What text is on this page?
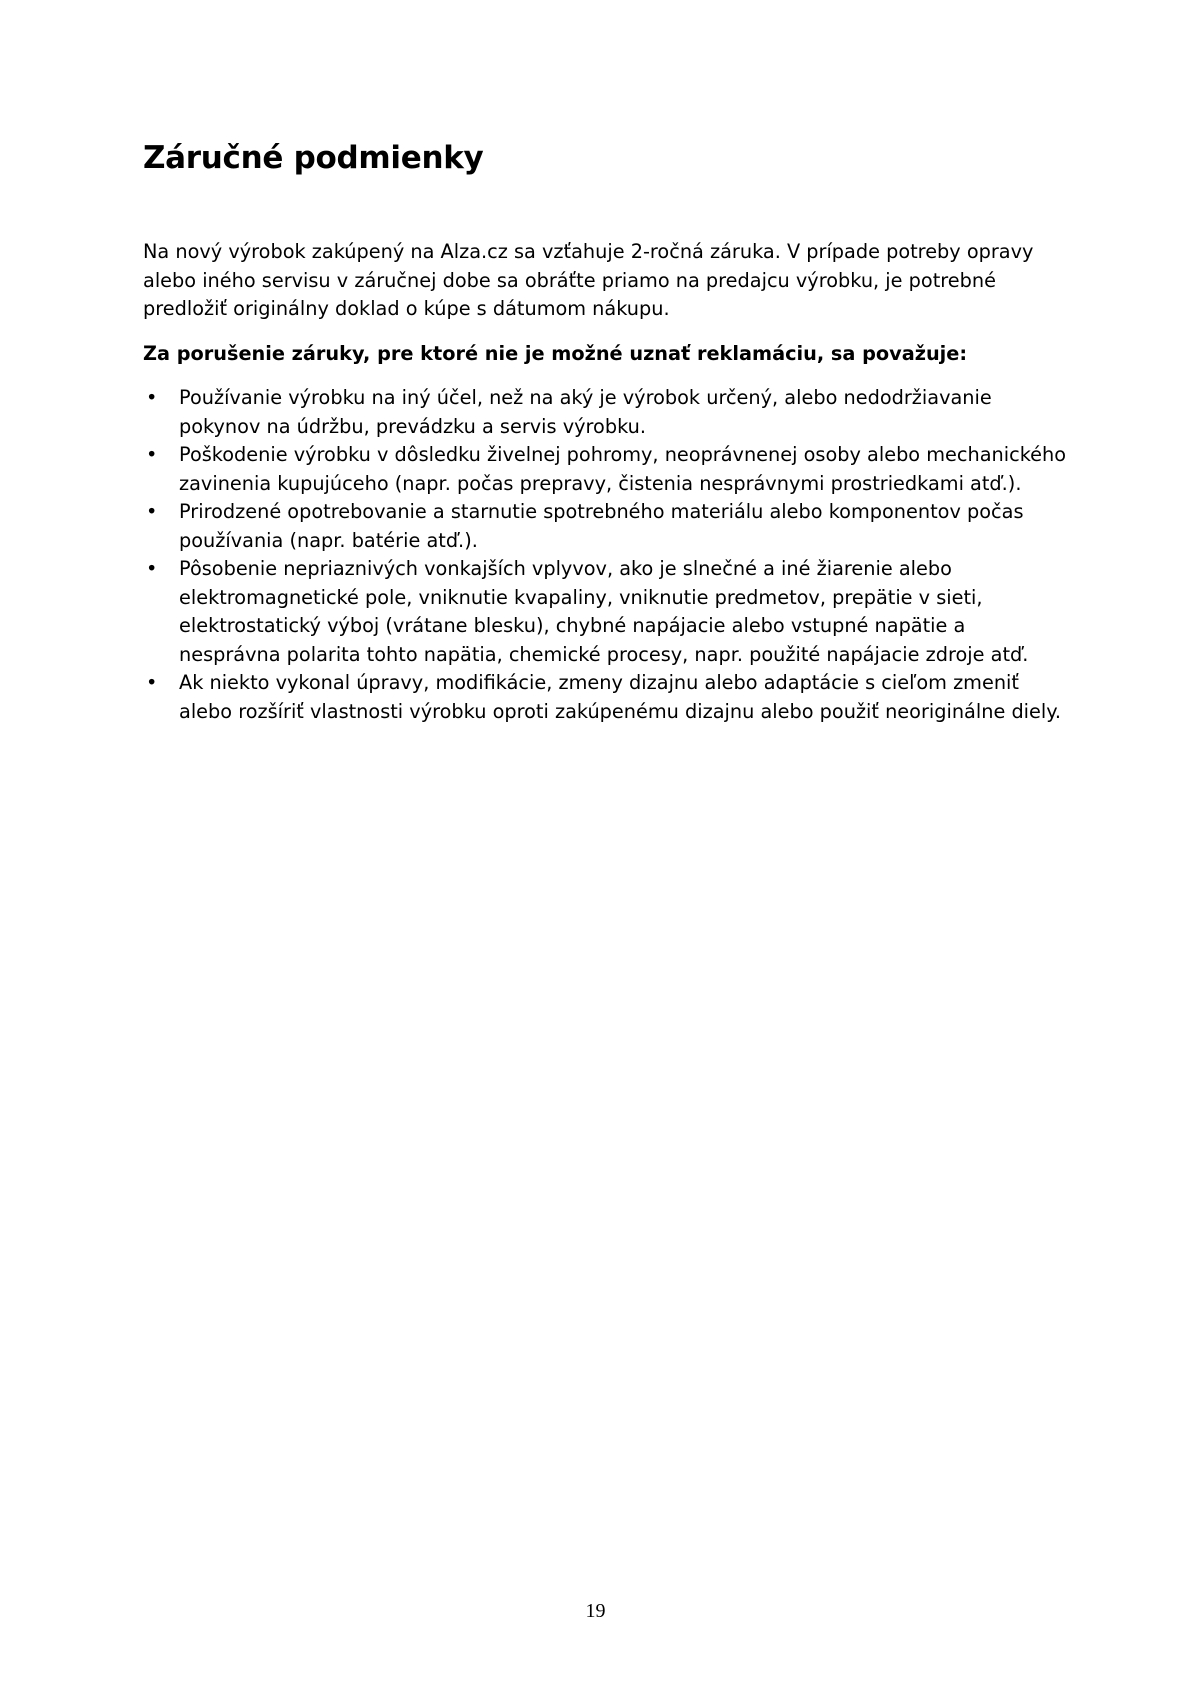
Záručné podmienky

Na nový výrobok zakúpený na Alza.cz sa vzťahuje 2-ročná záruka. V prípade potreby opravy alebo iného servisu v záručnej dobe sa obráťte priamo na predajcu výrobku, je potrebné predložiť originálny doklad o kúpe s dátumom nákupu.

Za porušenie záruky, pre ktoré nie je možné uznať reklamáciu, sa považuje:

• Používanie výrobku na iný účel, než na aký je výrobok určený, alebo nedodržiavanie pokynov na údržbu, prevádzku a servis výrobku.
• Poškodenie výrobku v dôsledku živelnej pohromy, neoprávnenej osoby alebo mechanického zavinenia kupujúceho (napr. počas prepravy, čistenia nesprávnymi prostriedkami atď.).
• Prirodzené opotrebovanie a starnutie spotrebného materiálu alebo komponentov počas používania (napr. batérie atď.).
• Pôsobenie nepriaznivých vonkajších vplyvov, ako je slnečné a iné žiarenie alebo elektromagnetické pole, vniknutie kvapaliny, vniknutie predmetov, prepätie v sieti, elektrostatický výboj (vrátane blesku), chybné napájacie alebo vstupné napätie a nesprávna polarita tohto napätia, chemické procesy, napr. použité napájacie zdroje atď.
• Ak niekto vykonal úpravy, modifikácie, zmeny dizajnu alebo adaptácie s cieľom zmeniť alebo rozšíriť vlastnosti výrobku oproti zakúpenému dizajnu alebo použiť neoriginálne diely.
19
